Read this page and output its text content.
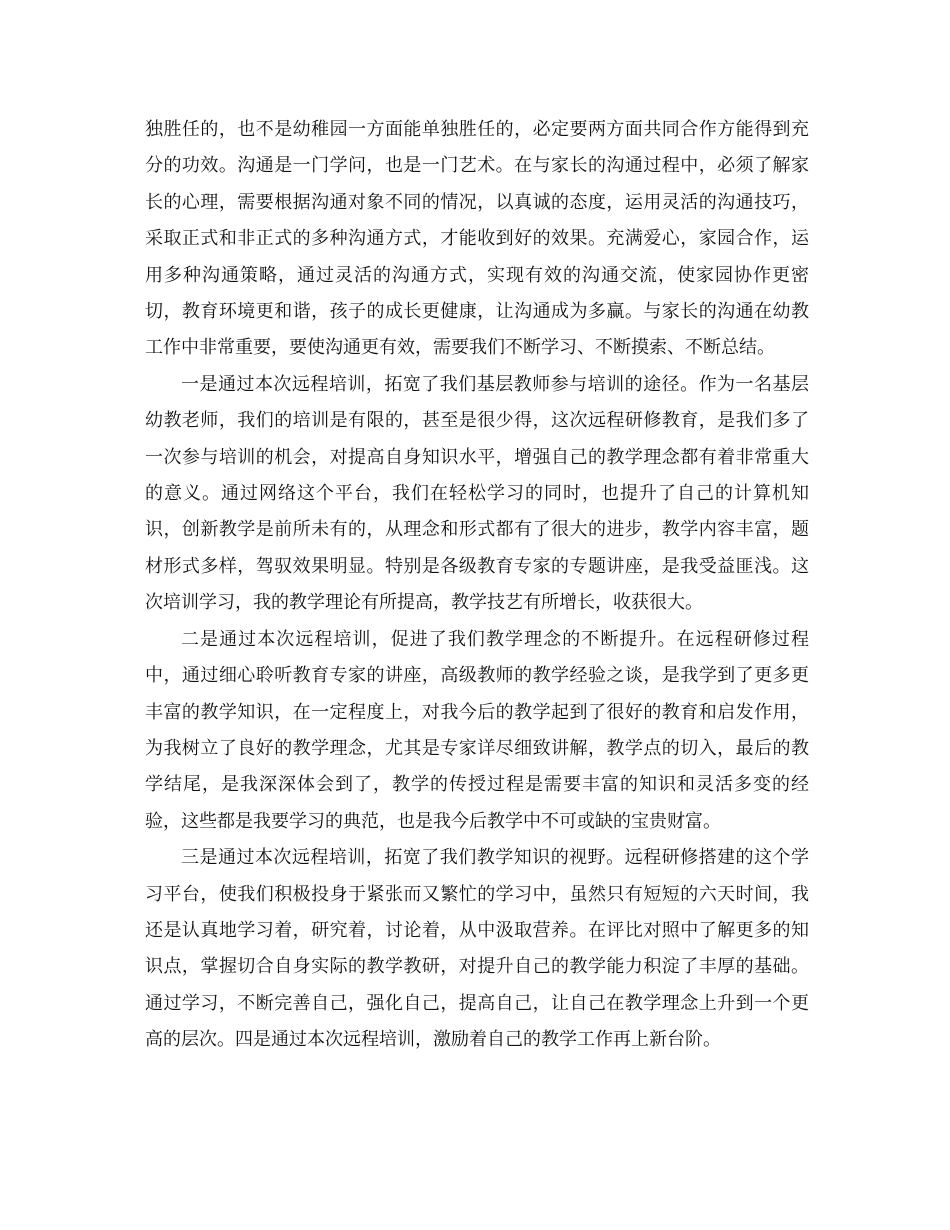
独胜任的，也不是幼稚园一方面能单独胜任的，必定要两方面共同合作方能得到充分的功效。沟通是一门学问，也是一门艺术。在与家长的沟通过程中，必须了解家长的心理，需要根据沟通对象不同的情况，以真诚的态度，运用灵活的沟通技巧，采取正式和非正式的多种沟通方式，才能收到好的效果。充满爱心，家园合作，运用多种沟通策略，通过灵活的沟通方式，实现有效的沟通交流，使家园协作更密切，教育环境更和谐，孩子的成长更健康，让沟通成为多赢。与家长的沟通在幼教工作中非常重要，要使沟通更有效，需要我们不断学习、不断摸索、不断总结。

一是通过本次远程培训，拓宽了我们基层教师参与培训的途径。作为一名基层幼教老师，我们的培训是有限的，甚至是很少得，这次远程研修教育，是我们多了一次参与培训的机会，对提高自身知识水平，增强自己的教学理念都有着非常重大的意义。通过网络这个平台，我们在轻松学习的同时，也提升了自己的计算机知识，创新教学是前所未有的，从理念和形式都有了很大的进步，教学内容丰富，题材形式多样，驾驭效果明显。特别是各级教育专家的专题讲座，是我受益匪浅。这次培训学习，我的教学理论有所提高，教学技艺有所增长，收获很大。

二是通过本次远程培训，促进了我们教学理念的不断提升。在远程研修过程中，通过细心聆听教育专家的讲座，高级教师的教学经验之谈，是我学到了更多更丰富的教学知识，在一定程度上，对我今后的教学起到了很好的教育和启发作用，为我树立了良好的教学理念，尤其是专家详尽细致讲解，教学点的切入，最后的教学结尾，是我深深体会到了，教学的传授过程是需要丰富的知识和灵活多变的经验，这些都是我要学习的典范，也是我今后教学中不可或缺的宝贵财富。

三是通过本次远程培训，拓宽了我们教学知识的视野。远程研修搭建的这个学习平台，使我们积极投身于紧张而又繁忙的学习中，虽然只有短短的六天时间，我还是认真地学习着，研究着，讨论着，从中汲取营养。在评比对照中了解更多的知识点，掌握切合自身实际的教学教研，对提升自己的教学能力积淀了丰厚的基础。通过学习，不断完善自己，强化自己，提高自己，让自己在教学理念上升到一个更高的层次。四是通过本次远程培训，激励着自己的教学工作再上新台阶。
